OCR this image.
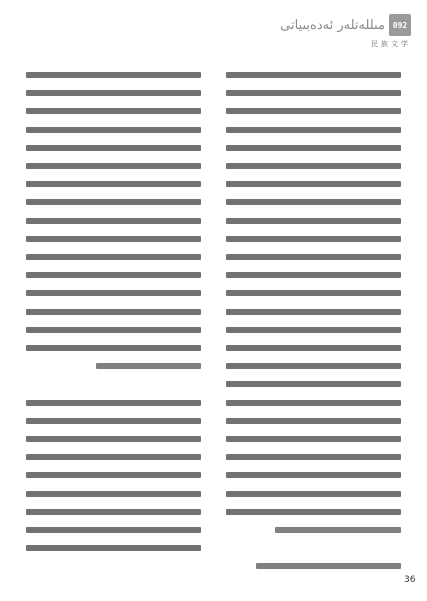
092
مىللەتلەر ئەدەبىياتى
民族文学
36
